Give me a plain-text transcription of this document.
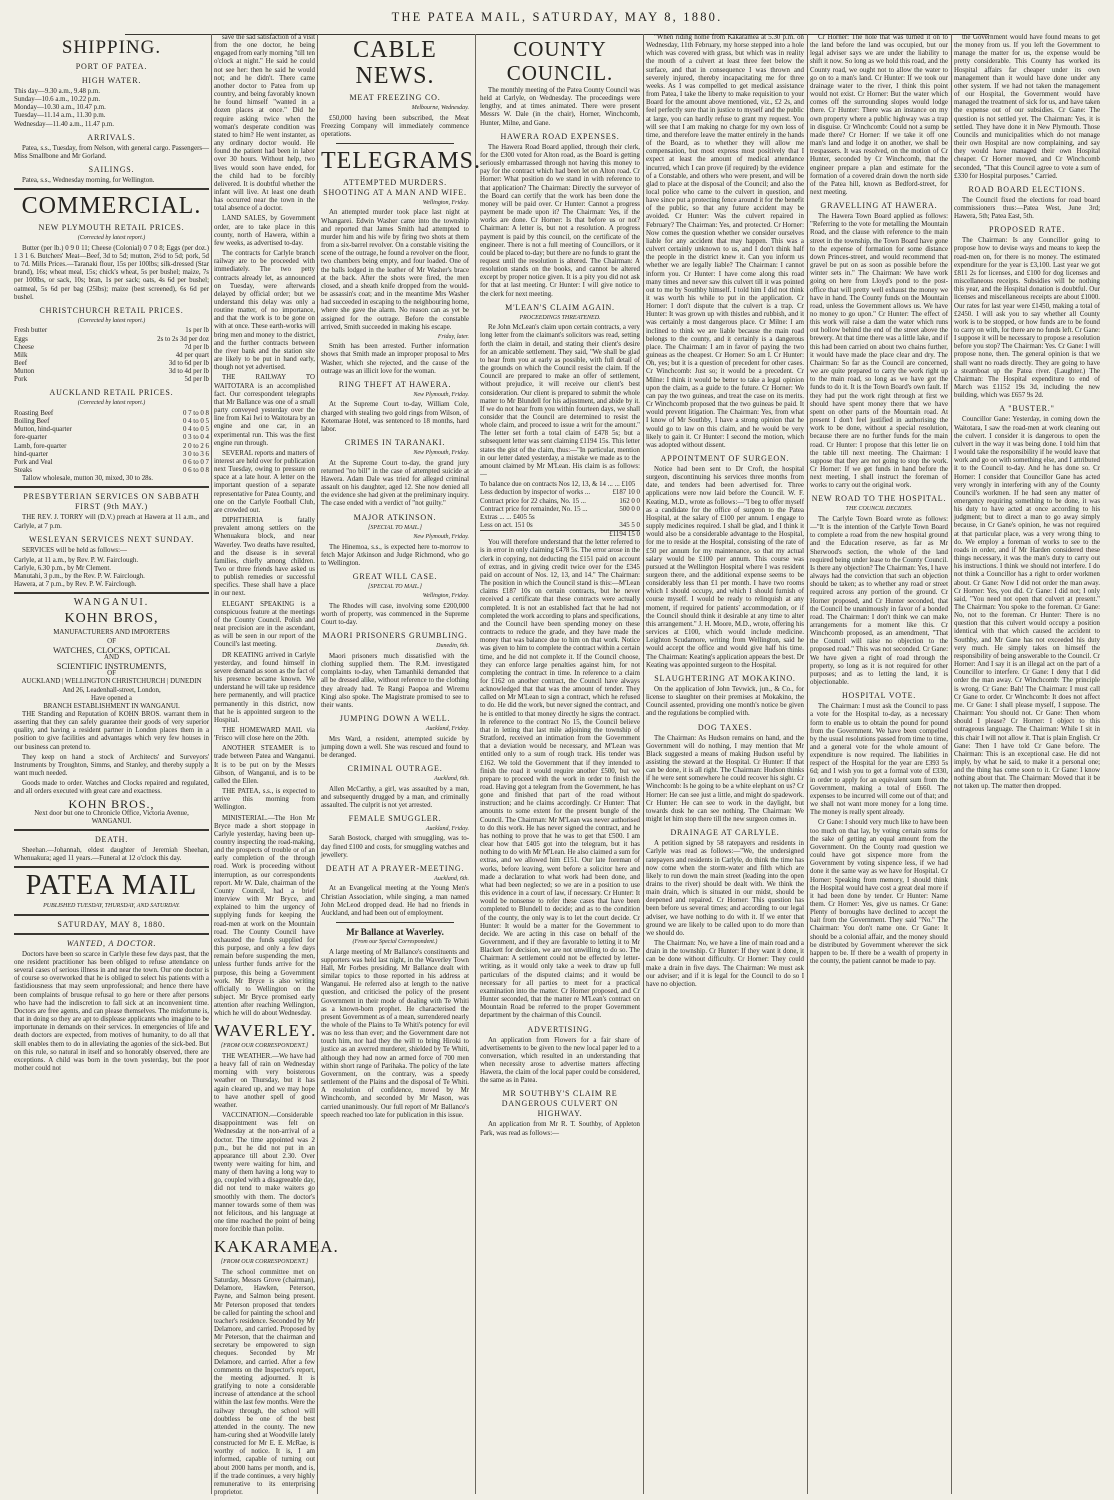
THE PATEA MAIL, SATURDAY, MAY 8, 1880.
SHIPPING.
PORT OF PATEA.
HIGH WATER.
This day—9.30 a.m., 9.48 p.m.
Sunday—10.6 a.m., 10.22 p.m.
Monday—10.30 a.m., 10.47 p.m.
Tuesday—11.14 a.m., 11.30 p.m.
Wednesday—11.40 a.m., 11.47 p.m.
ARRIVALS.

Patea, s.s., Tuesday, from Nelson, with general cargo. Passengers—Miss Smallbone and Mr Gorland.

SAILINGS.

Patea, s.s., Wednesday morning, for Wellington.

COMMERCIAL.
NEW PLYMOUTH RETAIL PRICES.
(Corrected by latest report.)

Butter (per lb.) 0 9 0 11; Cheese (Colonial) 0 7 0 8; Eggs (per doz.) 1 3 1 6. Butchers' Meat—Beef, 3d to 5d; mutton, 2½d to 5d; pork, 5d to 7d. Mills Prices.—Taranaki flour, 15s per 100lbs; silk-dressed (Star brand), 16s; wheat meal, 15s; chick's wheat, 5s per bushel; maize, 7s per 100lbs, or sack, 10s; bran, 1s per sack; oats, 4s 6d per bushel; oatmeal, 5s 6d per bag (25lbs); maize (best screened), 6s 6d per bushel.

CHRISTCHURCH RETAIL PRICES.
(Corrected by latest report.)
Fresh butter	1s per lb
Eggs	2s to 2s 3d per doz
Cheese	7d per lb
Milk	4d per quart
Beef	3d to 6d per lb
Mutton	3d to 4d per lb
Pork	5d per lb
AUCKLAND RETAIL PRICES.
(Corrected by latest report.)
Roasting Beef	0 7 to 0 8
Boiling Beef	0 4 to 0 5
Mutton, hind-quarter	0 4 to 0 5
fore-quarter	0 3 to 0 4
Lamb, fore-quarter	2 0 to 2 6
hind-quarter	3 0 to 3 6
Pork and Veal	0 6 to 0 7
Steaks	0 6 to 0 8

Tallow wholesale, mutton 30, mixed, 30 to 28s.

PRESBYTERIAN SERVICES ON SABBATH FIRST (9th MAY.)

THE REV. J. TORRY will (D.V.) preach at Hawera at 11 a.m., and Carlyle, at 7 p.m.

WESLEYAN SERVICES NEXT SUNDAY.

SERVICES will be held as follows:—

Carlyle, at 11 a.m., by Rev. P. W. Fairclough.
Carlyle, 6.30 p.m., by Mr Clement.
Manutahi, 3 p.m., by the Rev. P. W. Fairclough.
Hawera, at 7 p.m., by Rev. P. W. Fairclough.
WANGANUI.
KOHN BROS,
MANUFACTURERS AND IMPORTERS
OF
WATCHES, CLOCKS, OPTICAL
AND
SCIENTIFIC INSTRUMENTS,
OF
AUCKLAND | WELLINGTON CHRISTCHURCH | DUNEDIN
And 26, Leadenhall-street, London,
Have opened a
BRANCH ESTABLISHMENT IN WANGANUI.

THE Standing and Reputation of KOHN BROS. warrant them in asserting that they can safely guarantee their goods of very superior quality, and having a resident partner in London places them in a position to give facilities and advantages which very few houses in our business can pretend to.

They keep on hand a stock of Architects' and Surveyors' Instruments by Troughton, Simms, and Stanley, and thereby supply a want much needed.

Goods made to order. Watches and Clocks repaired and regulated, and all orders executed with great care and exactness.

KOHN BROS.,
Next door but one to Chronicle Office, Victoria Avenue, WANGANUI.
DEATH.

Sheehan.—Johannah, eldest daughter of Jeremiah Sheehan, Whenuakura; aged 11 years.—Funeral at 12 o'clock this day.

PATEA MAIL
PUBLISHED TUESDAY, THURSDAY, AND SATURDAY.
SATURDAY, MAY 8, 1880.
WANTED, A DOCTOR.

Doctors have been so scarce in Carlyle these few days past, that the one resident practitioner has been obliged to refuse attendance on several cases of serious illness in and near the town. Our one doctor is of course so overworked that he is obliged to select his patients with a fastidiousness that may seem unprofessional; and hence there have been complaints of brusque refusal to go here or there after persons who have had the indiscretion to fall sick at an inconvenient time. Doctors are free agents, and can please themselves. The misfortune is, that in doing so they are apt to displease applicants who imagine to be importunate in demands on their services. In emergencies of life and death doctors are expected, from motives of humanity, to do all that skill enables them to do in alleviating the agonies of the sick-bed. But on this rule, so natural in itself and so honorably observed, there are exceptions. A child was born in the town yesterday, but the poor mother could not

save the sad satisfaction of a visit from the one doctor, he being engaged from early morning "till ten o'clock at night." He said he could not see her: then he said he would not; and he didn't. There came another doctor to Patea from up country, and being favorably known he found himself "wanted in a dozen places at once." Did he require asking twice when the woman's desperate condition was stated to him? He went instanter, as any ordinary doctor would. He found the patient had been in labor over 30 hours. Without help, two lives would soon have ended, for the child had to be forcibly delivered. It is doubtful whether the infant will live. At least one death has occurred near the town in the total absence of a doctor.

LAND SALES, by Government order, are to take place in this county, north of Hawera, within a few weeks, as advertised to-day.

The contracts for Carlyle branch railway are to be proceeded with immediately. The two petty contracts already let, as announced on Tuesday, were afterwards delayed by official order; but we understand this delay was only a routine matter, of no importance, and that the work is to be gone on with at once. These earth-works will bring men and money to the district, and the further contracts between the river bank and the station site are likely to be put in hand early, though not yet advertised.

THE RAILWAY TO WAITOTARA is an accomplished fact. Our correspondent telegraphs that Mr Ballance was one of a small party conveyed yesterday over the line from Kai Iwi to Waitotara by an engine and one car, in an experimental run. This was the first engine run through.

SEVERAL reports and matters of interest are held over for publication next Tuesday, owing to pressure on space at a late hour. A letter on the important question of a separate representative for Patea County, and one on the Carlyle Football Club, are crowded out.

DIPHTHERIA is fatally prevalent among settlers on the Whenuakura block, and near Waverley. Two deaths have resulted, and the disease is in several families, chiefly among children. Two or three friends have asked us to publish remedies or successful specifics. These shall have a place in our next.

ELEGANT SPEAKING is a conspicuous feature at the meetings of the County Council. Polish and neat precision are in the ascendant, as will be seen in our report of the Council's last meeting.

DR KEATING arrived in Carlyle yesterday, and found himself in severe demand as soon as the fact of his presence became known. We understand he will take up residence here permanently, and will practice permanently in this district, now that he is appointed surgeon to the Hospital.

THE HOMEWARD MAIL via 'Frisco will close here on the 20th.

ANOTHER STEAMER is to trade between Patea and Wanganui. It is to be put on by the Messrs Gibson, of Wanganui, and is to be called the Ellen.

THE PATEA, s.s., is expected to arrive this morning from Wellington.

MINISTERIAL.—The Hon Mr Bryce made a short stoppage in Carlyle yesterday, having been up-country inspecting the road-making, and the prospects of trouble or of an early completion of the through road. Work is proceeding without interruption, as our correspondents report. Mr W. Dale, chairman of the County Council, had a brief interview with Mr Bryce, and explained to him the urgency of supplying funds for keeping the road-men at work on the Mountain road. The County Council have exhausted the funds supplied for this purpose, and only a few days remain before suspending the men, unless further funds arrive for the purpose, this being a Government work. Mr Bryce is also writing officially to Wellington on the subject. Mr Bryce promised early attention after reaching Wellington, which he will do about Wednesday.

WAVERLEY.
[FROM OUR CORRESPONDENT.]

THE WEATHER.—We have had a heavy fall of rain on Wednesday morning with very boisterous weather on Thursday, but it has again cleared up, and we may hope to have another spell of good weather.

VACCINATION.—Considerable disappointment was felt on Wednesday at the non-arrival of a doctor. The time appointed was 2 p.m., but he did not put in an appearance till about 2.30. Over twenty were waiting for him, and many of them having a long way to go, coupled with a disagreeable day, did not tend to make waiters go smoothly with them. The doctor's manner towards some of them was not felicitous, and his language at one time reached the point of being more forcible than polite.

KAKARAMEA.
[FROM OUR CORRESPONDENT.]

The school committee met on Saturday, Messrs Grove (chairman), Delamore, Hawken, Peterson, Payne, and Salmon being present. Mr Peterson proposed that tenders be called for painting the school and teacher's residence. Seconded by Mr Delamore, and carried. Proposed by Mr Peterson, that the chairman and secretary be empowered to sign cheques. Seconded by Mr Delamore, and carried. After a few comments on the Inspector's report, the meeting adjourned. It is gratifying to note a considerable increase of attendance at the school within the last few months. Were the railway through, the school will doubtless be one of the best attended in the county. The new ham-curing shed at Woodville lately constructed for Mr E. E. McRae, is worthy of notice. It is, I am informed, capable of turning out about 2000 hams per month, and is, if the trade continues, a very highly remunerative to its enterprising proprietor.

CABLE NEWS.
MEAT FREEZING CO.
Melbourne, Wednesday.

£50,000 having been subscribed, the Meat Freezing Company will immediately commence operations.

TELEGRAMS.
ATTEMPTED MURDERS. SHOOTING AT A MAN AND WIFE.
Wellington, Friday.

An attempted murder took place last night at Whangarei. Edwin Washer came into the township and reported that James Smith had attempted to murder him and his wife by firing two shots at them from a six-barrel revolver. On a constable visiting the scene of the outrage, he found a revolver on the floor, two chambers being empty, and four loaded. One of the balls lodged in the leather of Mr Washer's brace at the back. After the shots were fired, the men closed, and a sheath knife dropped from the would-be assassin's coat; and in the meantime Mrs Washer had succeeded in escaping to the neighbouring home, where she gave the alarm. No reason can as yet be assigned for the outrage. Before the constable arrived, Smith succeeded in making his escape.

Friday, later.

Smith has been arrested. Further information shows that Smith made an improper proposal to Mrs Washer, which she rejected, and the cause of the outrage was an illicit love for the woman.

RING THEFT AT HAWERA.
New Plymouth, Friday.

At the Supreme Court to-day, William Cole, charged with stealing two gold rings from Wilson, of Ketemarae Hotel, was sentenced to 18 months, hard labor.

CRIMES IN TARANAKI.
New Plymouth, Friday.

At the Supreme Court to-day, the grand jury returned "no bill" in the case of attempted suicide at Hawera. Adam Dale was tried for alleged criminal assault on his daughter, aged 12. She now denied all the evidence she had given at the preliminary inquiry. The case ended with a verdict of "not guilty."

MAJOR ATKINSON.
[SPECIAL TO MAIL.]
New Plymouth, Friday.

The Hinemoa, s.s., is expected here to-morrow to fetch Major Atkinson and Judge Richmond, who go to Wellington.

GREAT WILL CASE.
[SPECIAL TO MAIL.]
Wellington, Friday.

The Rhodes will case, involving some £200,000 worth of property, was commenced in the Supreme Court to-day.

MAORI PRISONERS GRUMBLING.
Dunedin, 6th.

Maori prisoners much dissatisfied with the clothing supplied them. The R.M. investigated complaints to-day, when Tamanhiki demanded that all be dressed alike, without reference to the clothing they already had. Te Rangi Paopoa and Wiremu Kingi also spoke. The Magistrate promised to see to their wants.

JUMPING DOWN A WELL.
Auckland, Friday.

Mrs Ward, a resident, attempted suicide by jumping down a well. She was rescued and found to be deranged.

CRIMINAL OUTRAGE.
Auckland, 6th.

Allen McCarthy, a girl, was assaulted by a man, and subsequently drugged by a man, and criminally assaulted. The culprit is not yet arrested.

FEMALE SMUGGLER.
Auckland, Friday.

Sarah Bostock, charged with smuggling, was to-day fined £100 and costs, for smuggling watches and jewellery.

DEATH AT A PRAYER-MEETING.
Auckland, 6th.

At an Evangelical meeting at the Young Men's Christian Association, while singing, a man named John McLeod dropped dead. He had no friends in Auckland, and had been out of employment.

Mr Ballance at Waverley.
(From our Special Correspondent.)

A large meeting of Mr Ballance's constituents and supporters was held last night, in the Waverley Town Hall, Mr Forbes presiding. Mr Ballance dealt with similar topics to those reported in his address at Wanganui. He referred also at length to the native question, and criticised the policy of the present Government in their mode of dealing with Te Whiti as a known-born prophet. He characterised the present Government as of a mean, surrendered nearly the whole of the Plains to Te Whiti's potency for evil was no less than ever; and the Government dare not touch him, nor had they the will to bring Hiroki to justice as an averred murderer, shielded by Te Whiti, although they had now an armed force of 700 men within short range of Parihaka. The policy of the late Government, on the contrary, was a speedy settlement of the Plains and the disposal of Te Whiti. A resolution of confidence, moved by Mr Winchcomb, and seconded by Mr Mason, was carried unanimously. Our full report of Mr Ballance's speech reached too late for publication in this issue.

COUNTY COUNCIL.

The monthly meeting of the Patea County Council was held at Carlyle, on Wednesday. The proceedings were lengthy, and at times animated. There were present Messrs W. Dale (in the chair), Horner, Winchcomb, Hunter, Milne, and Gane.

HAWERA ROAD EXPENSES.

The Hawera Road Board applied, through their clerk, for the £300 voted for Alton road, as the Board is getting seriously embarrassed through not having this money to pay for the contract which had been let on Alton road. Cr Horner: What position do we stand in with reference to that application? The Chairman: Directly the surveyor of the Board can certify that the work has been done the money will be paid over. Cr Hunter: Cannot a progress payment be made upon it? The Chairman: Yes, if the works are done. Cr Horner: Is that before us or not? Chairman: A letter is, but not a resolution. A progress payment is paid by this council, on the certificate of the engineer. There is not a full meeting of Councillors, or it could be placed to-day; but there are no funds to grant the request until the resolution is altered. The Chairman: A resolution stands on the books, and cannot be altered except by proper notice given. It is a pity you did not ask for that at last meeting. Cr Hunter: I will give notice to the clerk for next meeting.

M'LEAN'S CLAIM AGAIN.
PROCEEDINGS THREATENED.

Re John McLean's claim upon certain contracts, a very long letter from the claimant's solicitors was read, setting forth the claim in detail, and stating their client's desire for an amicable settlement. They said, "We shall be glad to hear from you at early as possible, with full detail of the grounds on which the Council resist the claim. If the Council are prepared to make an offer of settlement, without prejudice, it will receive our client's best consideration. Our client is prepared to submit the whole matter to Mr Blundell for his adjustment, and abide by it. If we do not hear from you within fourteen days, we shall consider that the Council are determined to resist the whole claim, and proceed to issue a writ for the amount." The letter set forth a total claim of £478 5s; but a subsequent letter was sent claiming £1194 15s. This letter states the gist of the claim, thus:—"In particular, mention in our letter dated yesterday, a mistake we made as to the amount claimed by Mr M'Lean. His claim is as follows:—

To balance due on contracts Nos 12, 13, & 14 ... ... £105
Less deduction by inspector of works ...	£187 10 0
Contract price for 22 chains, No. 15 ...	162 0 0
Contract price for remainder, No. 15 ...	500 0 0
Extras ... ... £405 5s
Less on act. 151 0s	345 5 0
£1194 15 0

You will therefore understand that the letter referred to is in error in only claiming £478 5s. The error arose in the clerk in copying, not deducting the £151 paid on account of extras, and in giving credit twice over for the £345 paid on account of Nos. 12, 13, and 14." The Chairman: The position in which the Council stand is this:—M'Lean claims £187 10s on certain contracts, but he never received a certificate that these contracts were actually completed. It is not an established fact that he had not completed the work according to plans and specifications, and the Council have been spending money on these contracts to reduce the grade, and they have made the money that was balance due to him on that work. Notice was given to him to complete the contract within a certain time, and he did not complete it. If the Council choose, they can enforce large penalties against him, for not completing the contract in time. In reference to a claim for £162 on another contract, the Council have always acknowledged that that was the amount of tender. They called on Mr M'Lean to sign a contract, which he refused to do. He did the work, but never signed the contract, and he is entitled to that money directly he signs the contract. In reference to the contract No 15, the Council believe that in letting that last mile adjoining the township of Stratford, received an intimation from the Government that a deviation would be necessary, and M'Lean was entitled only to a sum of rough track. His tender was £162. We told the Government that if they intended to finish the road it would require another £500, but we prepare to proceed with the work in order to finish the road. Having got a telegram from the Government, he has gone and finished that part of the road without instruction; and he claims accordingly. Cr Hunter: That amounts to some extent for the present bungle of the Council. The Chairman: Mr M'Lean was never authorised to do this work. He has never signed the contract, and he has nothing to prove that he was to get that £500. I am clear how that £405 got into the telegram, but it has nothing to do with Mr M'Lean. He also claimed a sum for extras, and we allowed him £151. Our late foreman of works, before leaving, went before a solicitor here and made a declaration to what work had been done, and what had been neglected; so we are in a position to use this evidence in a court of law, if necessary. Cr Hunter: It would be nonsense to refer these cases that have been completed to Blundell to decide; and as to the condition of the county, the only way is to let the court decide. Cr Hunter: It would be a matter for the Government to decide. We are acting in this case on behalf of the Government, and if they are favorable to letting it to Mr Blackett for decision, we are not unwilling to do so. The Chairman: A settlement could not be effected by letter-writing, as it would only take a week to draw up full particulars of the disputed claims; and it would be necessary for all parties to meet for a practical examination into the matter. Cr Horner proposed, and Cr Hunter seconded, that the matter re M'Lean's contract on Mountain Road be referred to the proper Government department by the chairman of this Council.

ADVERTISING.

An application from Flowers for a fair share of advertisements to be given to the new local paper led to a conversation, which resulted in an understanding that when necessity arose to advertise matters affecting Hawera, the claim of the local paper could be considered, the same as in Patea.

MR SOUTHBY'S CLAIM RE DANGEROUS CULVERT ON HIGHWAY.

An application from Mr R. T. Southby, of Appleton Park, was read as follows:—

"When riding home from Kakaramea at 5.30 p.m. on Wednesday, 11th February, my horse stepped into a hole which was covered with grass, but which was in reality the mouth of a culvert at least three feet below the surface, and that in consequence I was thrown and severely injured, thereby incapacitating me for three weeks. As I was compelled to get medical assistance from Patea, I take the liberty to make requisition to your Board for the amount above mentioned, viz., £2 2s, and feel perfectly sure that in justice to myself and the public at large, you can hardly refuse to grant my request. You will see that I am making no charge for my own loss of time, and therefore leave the matter entirely in the hands of the Board, as to whether they will allow me compensation, but most express most positively that I expect at least the amount of medical attendance incurred, which I can prove (if required) by the evidence of a Constable, and others who were present, and will be glad to place at the disposal of the Council; and also the local police who came to the culvert in question, and have since put a protecting fence around it for the benefit of the public, so that any future accident may be avoided. Cr Hunter: Was the culvert repaired in February? The Chairman: Yes, and protected. Cr Horner: Now comes the question whether we consider ourselves liable for any accident that may happen. This was a culvert certainly unknown to us, and I don't think half the people in the district knew it. Can you inform us whether we are legally liable? The Chairman: I cannot inform you. Cr Hunter: I have come along this road many times and never saw this culvert till it was pointed out to me by Southby himself. I told him I did not think it was worth his while to put in the application. Cr Horner: I don't dispute that the culvert is a trap. Cr Hunter: It was grown up with thistles and rubbish, and it was certainly a most dangerous place. Cr Milne: I am inclined to think we are liable because the main road belongs to the county, and it certainly is a dangerous place. The Chairman: I am in favor of paying the two guineas as the cheapest. Cr Horner: So am I. Cr Hunter: Oh, yes; but it is a question of precedent for other cases. Cr Winchcomb: Just so; it would be a precedent. Cr Milne: I think it would be better to take a legal opinion upon the claim, as a guide to the future. Cr Horner: We can pay the two guineas, and treat the case on its merits. Cr Winchcomb proposed that the two guineas be paid. It would prevent litigation. The Chairman: Yes, from what I know of Mr Southby, I have a strong opinion that he would go to law on this claim, and he would be very likely to gain it. Cr Hunter: I second the motion, which was adopted without dissent.

APPOINTMENT OF SURGEON.

Notice had been sent to Dr Croft, the hospital surgeon, discontinuing his services three months from date, and tenders had been advertised for. Three applications were now laid before the Council. W. F. Keating, M.D., wrote as follows:—"I beg to offer myself as a candidate for the office of surgeon to the Patea Hospital, at the salary of £100 per annum. I engage to supply medicines required. I shall be glad, and I think it would also be a considerable advantage to the Hospital, for me to reside at the Hospital, consisting of the rate of £50 per annum for my maintenance, so that my actual salary would be £100 per annum. This course was pursued at the Wellington Hospital where I was resident surgeon there, and the additional expense seems to be considerably less than £1 per month. I have two rooms which I should occupy, and which I should furnish of course myself. I would be ready to relinquish at any moment, if required for patients' accommodation, or if the Council should think it desirable at any time to alter this arrangement." J. H. Moore, M.D., wrote, offering his services at £100, which would include medicine. Leighton Scudamore, writing from Wellington, said he would accept the office and would give half his time. The Chairman: Keating's application appears the best. Dr Keating was appointed surgeon to the Hospital.

SLAUGHTERING AT MOKAKINO.

On the application of John Tevwick, jun., & Co., for license to slaughter on their premises at Mokakino, the Council assented, providing one month's notice be given and the regulations be complied with.

DOG TAXES.

The Chairman: As Hudson remains on hand, and the Government will do nothing, I may mention that Mr Black suggested a means of making Hudson useful by assisting the steward at the Hospital. Cr Hunter: If that can be done, it is all right. The Chairman: Hudson thinks if he were sent somewhere he could recover his sight. Cr Winchcomb: Is he going to be a white elephant on us? Cr Horner: He can see just a little, and might do spadework. Cr Hunter: He can see to work in the daylight, but towards dusk he can see nothing. The Chairman: We might let him stop there till the new surgeon comes in.

DRAINAGE AT CARLYLE.

A petition signed by 58 ratepayers and residents in Carlyle was read as follows:—"We, the undersigned ratepayers and residents in Carlyle, do think the time has now come when the storm-water and filth which are likely to run down the main street (leading into the open drains to the river) should be dealt with. We think the main drain, which is situated in our midst, should be deepened and repaired. Cr Horner: This question has been before us several times; and according to our legal adviser, we have nothing to do with it. If we enter that ground we are likely to be called upon to do more than we should do.

The Chairman: No, we have a line of main road and a drain in the township. Cr Hunter: If they want it done, it can be done without difficulty. Cr Horner: They could make a drain in five days. The Chairman: We must ask our adviser; and if it is legal for the Council to do so I have no objection.

Cr Horner: The hole that was turned it on to the land before the land was occupied, but our legal adviser says we are under the liability to shift it now. So long as we hold this road, and the County road, we ought not to allow the water to go on to a man's land. Cr Hunter: If we took our drainage water to the river, I think this point would not exist. Cr Horner: But the water which comes off the surrounding slopes would lodge there. Cr Hunter: There was an instance on my own property where a public highway was a trap in disguise. Cr Winchcomb: Could not a sump be made there? Cr Horner: If we take it off one man's land and lodge it on another, we shall be trespassers. It was resolved, on the motion of Cr Hunter, seconded by Cr Winchcomb, that the engineer prepare a plan and estimate for the formation of a covered drain down the north side of the Patea hill, known as Bedford-street, for next meeting.

GRAVELLING AT HAWERA.

The Hawera Town Board applied as follows: "Referring to the vote for metalling the Mountain Road, and the clause with reference to the main street in the township, the Town Board have gone to the expense of formation for some distance down Princes-street, and would recommend that gravel be put on as soon as possible before the winter sets in." The Chairman: We have work going on here from Lloyd's pond to the post-office that will pretty well exhaust the money we have in hand. The County funds on the Mountain road, unless the Government allows us. We have no money to go upon." Cr Hunter: The effect of this work will raise a dam the water which runs out hollow behind the end of the street above the brewery. At that time there was a little lake, and if this had been carried on about two chains further, it would have made the place clear and dry. The Chairman: So far as the Council are concerned, we are quite prepared to carry the work right up to the main road, so long as we have got the funds to do it. It is the Town Board's own fault. If they had put the work right through at first we should have spent money there that we have spent on other parts of the Mountain road. At present I don't feel justified in authorising the work to be done, without a special resolution, because there are no further funds for the main road. Cr Hunter: I propose that this letter lie on the table till next meeting. The Chairman: I suppose that they are not going to stop the work. Cr Horner: If we get funds in hand before the next meeting, I shall instruct the foreman of works to carry out the original work.

NEW ROAD TO THE HOSPITAL.
THE COUNCIL DECIDES.

The Carlyle Town Board wrote as follows:—"It is the intention of the Carlyle Town Board to complete a road from the new hospital ground and the Education reserve, as far as Mr Sherwood's section, the whole of the land required being under lease to the County Council. Is there any objection? The Chairman: Yes, I have always had the conviction that such an objection should be taken; as to whether any road or street required across any portion of the ground. Cr Horner proposed, and Cr Hunter seconded, that the Council be unanimously in favor of a bonded road. The Chairman: I don't think we can make arrangements for a moment like this. Cr Winchcomb proposed, as an amendment, "That the Council will raise no objection to the proposed road." This was not seconded. Cr Gane: We have given a right of road through the property, so long as it is not required for other purposes; and as to letting the land, it is objectionable.

HOSPITAL VOTE.

The Chairman: I must ask the Council to pass a vote for the Hospital to-day, as a necessary form to enable us to obtain the pound for pound from the Government. We have been compelled by the usual resolutions passed from time to time, and a general vote for the whole amount of expenditure is now required. The liabilities in respect of the Hospital for the year are £393 5s 6d; and I wish you to get a formal vote of £330, in order to apply for an equivalent sum from the Government, making a total of £660. The expenses to be incurred will come out of that; and we shall not want more money for a long time. The money is really spent already.

Cr Gane: I should very much like to have been too much on that lay, by voting certain sums for the sake of getting an equal amount from the Government. On the County road question we could have got sixpence more from the Government by voting sixpence less, if we had done it the same way as we have for Hospital. Cr Horner: Speaking from memory, I should think the Hospital would have cost a great deal more if it had been done by tender. Cr Hunter: Name them. Cr Horner: Yes, give us names. Cr Gane: Plenty of boroughs have declined to accept the bait from the Government. They said "No." The Chairman: You don't name one. Cr Gane: It should be a colonial affair, and the money should be distributed by Government wherever the sick happen to be. If there be a wealth of property in the county, the patient cannot be made to pay.

the Government would have found means to get the money from us. If you left the Government to manage the matter for us, the expense would be pretty considerable. This County has worked its Hospital affairs far cheaper under its own management than it would have done under any other system. If we had not taken the management of our Hospital, the Government would have managed the treatment of sick for us, and have taken the expense out of our subsidies. Cr Gane: The question is not settled yet. The Chairman: Yes, it is settled. They have done it in New Plymouth. Those Councils and municipalities which do not manage their own Hospital are now complaining, and say they would have managed their own Hospital cheaper. Cr Horner moved, and Cr Winchcomb seconded, "That this Council agree to vote a sum of £330 for Hospital purposes." Carried.

ROAD BOARD ELECTIONS.

The Council fixed the elections for road board commissioners thus:—Patea West, June 3rd; Hawera, 5th; Patea East, 5th.

PROPOSED RATE.

The Chairman: Is any Councillor going to propose how to devise ways and means to keep the road-men on, for there is no money. The estimated expenditure for the year is £3,100. Last year we got £811 2s for licenses, and £100 for dog licenses and miscellaneous receipts. Subsidies will be nothing this year, and the Hospital donation is doubtful. Our licenses and miscellaneous receipts are about £1000. Our rates for last year were £1450, making a total of £2450. I will ask you to say whether all County work is to be stopped, or how funds are to be found to carry on with, for there are no funds left. Cr Gane: I suppose it will be necessary to propose a resolution before you stop? The Chairman: Yes. Cr Gane: I will propose none, then. The general opinion is that we shall want no roads directly. They are going to have a steamboat up the Patea river. (Laughter.) The Chairman: The Hospital expenditure to end of March was £1152 19s 3d, including the new building, which was £657 9s 2d.

A "BUSTER."

Councillor Gane: Yesterday, in coming down the Waitotara, I saw the road-men at work cleaning out the culvert. I consider it is dangerous to open the culvert in the way it was being done. I told him that I would take the responsibility if he would leave that work and go on with something else, and I attributed it to the Council to-day. And he has done so. Cr Horner: I consider that Councillor Gane has acted very wrongly in interfering with any of the County Council's workmen. If he had seen any matter of emergency requiring something to be done, it was his duty to have acted at once according to his judgment; but to direct a man to go away simply because, in Cr Gane's opinion, he was not required at that particular place, was a very wrong thing to do. We employ a foreman of works to see to the roads in order, and if Mr Harden considered these things necessary, it was the man's duty to carry out his instructions. I think we should not interfere. I do not think a Councillor has a right to order workmen about. Cr Gane: Now I did not order the man away. Cr Horner: Yes, you did. Cr Gane: I did not; I only said, "You need not open that culvert at present." The Chairman: You spoke to the foreman. Cr Gane: No, not to the foreman. Cr Hunter: There is no question that this culvert would occupy a position identical with that which caused the accident to Southby, and Mr Gane has not exceeded his duty very much. He simply takes on himself the responsibility of being answerable to the Council. Cr Horner: And I say it is an illegal act on the part of a Councillor to interfere. Cr Gane: I deny that I did order the man away. Cr Winchcomb: The principle is wrong. Cr Gane: Bah! The Chairman: I must call Cr Gane to order. Cr Winchcomb: It does not affect me. Cr Gane: I shall please myself, I suppose. The Chairman: You should not. Cr Gane: Then whom should I please? Cr Horner: I object to this outrageous language. The Chairman: While I sit in this chair I will not allow it. That is plain English. Cr Gane: Then I have told Cr Gane before. The Chairman: This is an exceptional case. He did not imply, by what he said, to make it a personal one; and the thing has come soon to it. Cr Gane: I know nothing about that. The Chairman: Moved that it be not taken up. The matter then dropped.
